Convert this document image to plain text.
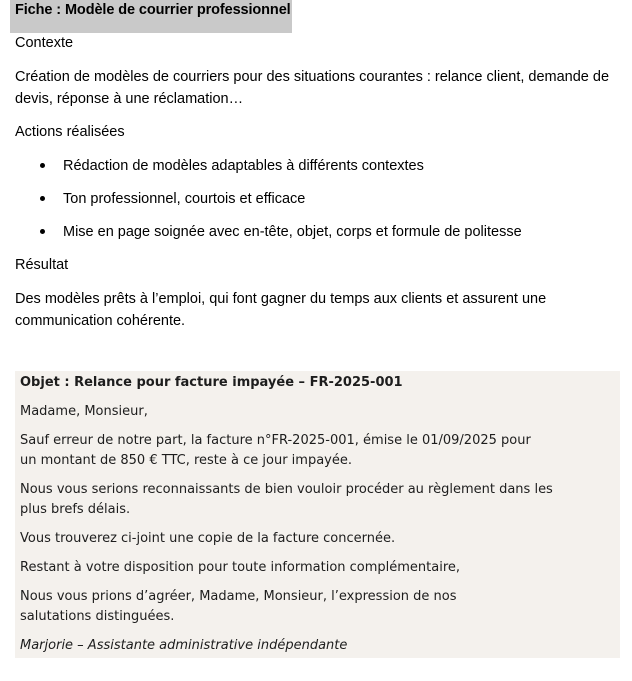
Fiche : Modèle de courrier professionnel

Contexte

Création de modèles de courriers pour des situations courantes : relance client, demande de devis, réponse à une réclamation…

Actions réalisées

Rédaction de modèles adaptables à différents contextes
Ton professionnel, courtois et efficace
Mise en page soignée avec en-tête, objet, corps et formule de politesse

Résultat

Des modèles prêts à l’emploi, qui font gagner du temps aux clients et assurent une communication cohérente.

Objet : Relance pour facture impayée – FR-2025-001

Madame, Monsieur,

Sauf erreur de notre part, la facture n°FR-2025-001, émise le 01/09/2025 pour un montant de 850 € TTC, reste à ce jour impayée.

Nous vous serions reconnaissants de bien vouloir procéder au règlement dans les plus brefs délais.

Vous trouverez ci-joint une copie de la facture concernée.

Restant à votre disposition pour toute information complémentaire,

Nous vous prions d’agréer, Madame, Monsieur, l’expression de nos salutations distinguées.

Marjorie – Assistante administrative indépendante
